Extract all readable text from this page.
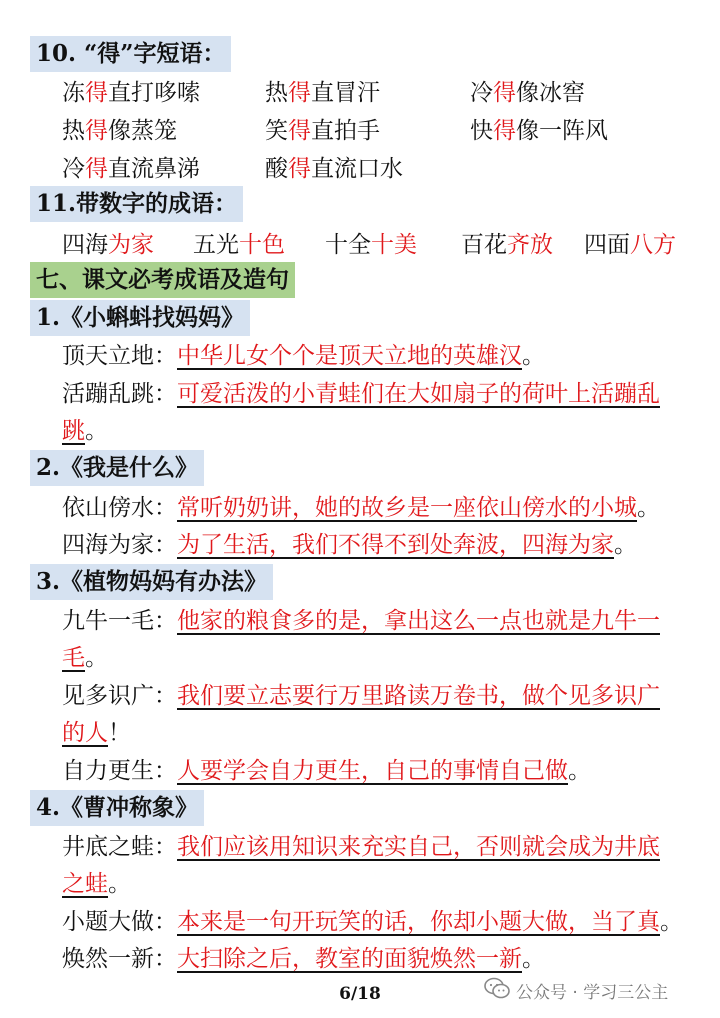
10. “得”字短语：
冻得直打哆嗦	热得直冒汗	冷得像冰窖
热得像蒸笼	笑得直拍手	快得像一阵风
冷得直流鼻涕	酸得直流口水
11.带数字的成语：
四海为家 五光十色 十全十美 百花齐放 四面八方
七、课文必考成语及造句
1.《小蝌蚪找妈妈》
顶天立地：中华儿女个个是顶天立地的英雄汉。
活蹦乱跳：可爱活泼的小青蛙们在大如扇子的荷叶上活蹦乱
跳。
2.《我是什么》
依山傍水：常听奶奶讲，她的故乡是一座依山傍水的小城。
四海为家：为了生活，我们不得不到处奔波，四海为家。
3.《植物妈妈有办法》
九牛一毛：他家的粮食多的是，拿出这么一点也就是九牛一
毛。
见多识广：我们要立志要行万里路读万卷书，做个见多识广
的人！
自力更生：人要学会自力更生，自己的事情自己做。
4.《曹冲称象》
井底之蛙：我们应该用知识来充实自己，否则就会成为井底
之蛙。
小题大做：本来是一句开玩笑的话，你却小题大做，当了真。
焕然一新：大扫除之后，教室的面貌焕然一新。
6/18	公众号 · 学习三公主
